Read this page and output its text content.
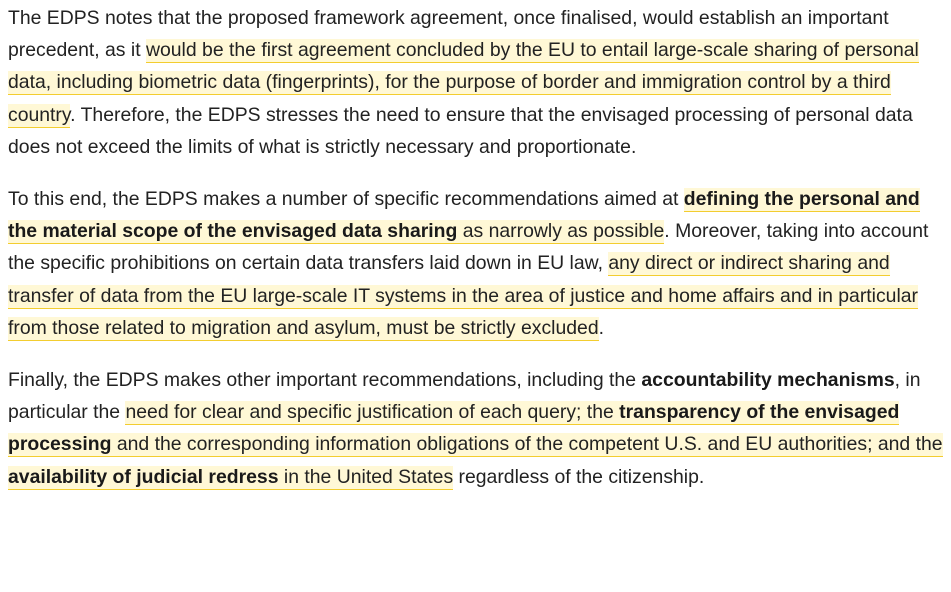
The EDPS notes that the proposed framework agreement, once finalised, would establish an important precedent, as it would be the first agreement concluded by the EU to entail large-scale sharing of personal data, including biometric data (fingerprints), for the purpose of border and immigration control by a third country. Therefore, the EDPS stresses the need to ensure that the envisaged processing of personal data does not exceed the limits of what is strictly necessary and proportionate.

To this end, the EDPS makes a number of specific recommendations aimed at defining the personal and the material scope of the envisaged data sharing as narrowly as possible. Moreover, taking into account the specific prohibitions on certain data transfers laid down in EU law, any direct or indirect sharing and transfer of data from the EU large-scale IT systems in the area of justice and home affairs and in particular from those related to migration and asylum, must be strictly excluded.

Finally, the EDPS makes other important recommendations, including the accountability mechanisms, in particular the need for clear and specific justification of each query; the transparency of the envisaged processing and the corresponding information obligations of the competent U.S. and EU authorities; and the availability of judicial redress in the United States regardless of the citizenship.
